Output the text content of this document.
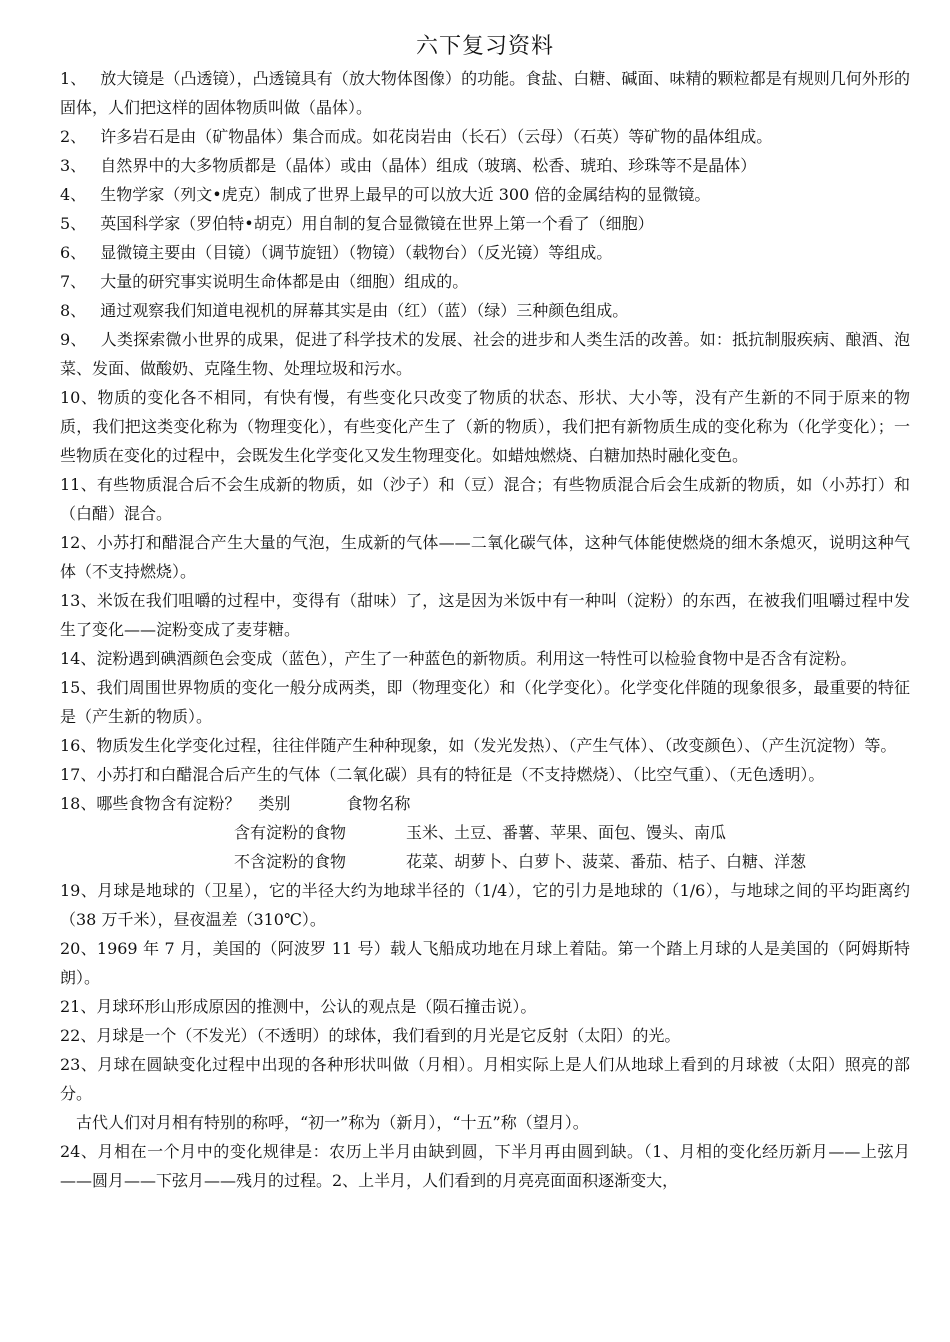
六下复习资料

1、 放大镜是（凸透镜），凸透镜具有（放大物体图像）的功能。食盐、白糖、碱面、味精的颗粒都是有规则几何外形的固体，人们把这样的固体物质叫做（晶体）。

2、 许多岩石是由（矿物晶体）集合而成。如花岗岩由（长石）（云母）（石英）等矿物的晶体组成。

3、 自然界中的大多物质都是（晶体）或由（晶体）组成（玻璃、松香、琥珀、珍珠等不是晶体）

4、 生物学家（列文•虎克）制成了世界上最早的可以放大近 300 倍的金属结构的显微镜。

5、 英国科学家（罗伯特•胡克）用自制的复合显微镜在世界上第一个看了（细胞）

6、 显微镜主要由（目镜）（调节旋钮）（物镜）（载物台）（反光镜）等组成。

7、 大量的研究事实说明生命体都是由（细胞）组成的。

8、 通过观察我们知道电视机的屏幕其实是由（红）（蓝）（绿）三种颜色组成。

9、 人类探索微小世界的成果，促进了科学技术的发展、社会的进步和人类生活的改善。如：抵抗制服疾病、酿酒、泡菜、发面、做酸奶、克隆生物、处理垃圾和污水。

10、物质的变化各不相同，有快有慢，有些变化只改变了物质的状态、形状、大小等，没有产生新的不同于原来的物质，我们把这类变化称为（物理变化），有些变化产生了（新的物质），我们把有新物质生成的变化称为（化学变化）；一些物质在变化的过程中，会既发生化学变化又发生物理变化。如蜡烛燃烧、白糖加热时融化变色。

11、有些物质混合后不会生成新的物质，如（沙子）和（豆）混合；有些物质混合后会生成新的物质，如（小苏打）和（白醋）混合。

12、小苏打和醋混合产生大量的气泡，生成新的气体——二氧化碳气体，这种气体能使燃烧的细木条熄灭，说明这种气体（不支持燃烧）。

13、米饭在我们咀嚼的过程中，变得有（甜味）了，这是因为米饭中有一种叫（淀粉）的东西，在被我们咀嚼过程中发生了变化——淀粉变成了麦芽糖。

14、淀粉遇到碘酒颜色会变成（蓝色），产生了一种蓝色的新物质。利用这一特性可以检验食物中是否含有淀粉。

15、我们周围世界物质的变化一般分成两类，即（物理变化）和（化学变化）。化学变化伴随的现象很多，最重要的特征是（产生新的物质）。

16、物质发生化学变化过程，往往伴随产生种种现象，如（发光发热）、（产生气体）、（改变颜色）、（产生沉淀物）等。

17、小苏打和白醋混合后产生的气体（二氧化碳）具有的特征是（不支持燃烧）、（比空气重）、（无色透明）。

18、哪些食物含有淀粉？ 类别	食物名称
含有淀粉的食物	玉米、土豆、番薯、苹果、面包、馒头、南瓜
不含淀粉的食物	花菜、胡萝卜、白萝卜、菠菜、番茄、桔子、白糖、洋葱

19、月球是地球的（卫星），它的半径大约为地球半径的（1/4），它的引力是地球的（1/6），与地球之间的平均距离约（38 万千米），昼夜温差（310℃）。

20、1969 年 7 月，美国的（阿波罗 11 号）载人飞船成功地在月球上着陆。第一个踏上月球的人是美国的（阿姆斯特朗）。

21、月球环形山形成原因的推测中，公认的观点是（陨石撞击说）。

22、月球是一个（不发光）（不透明）的球体，我们看到的月光是它反射（太阳）的光。

23、月球在圆缺变化过程中出现的各种形状叫做（月相）。月相实际上是人们从地球上看到的月球被（太阳）照亮的部分。

古代人们对月相有特别的称呼，“初一”称为（新月），“十五”称（望月）。

24、月相在一个月中的变化规律是：农历上半月由缺到圆，下半月再由圆到缺。（1、月相的变化经历新月——上弦月——圆月——下弦月——残月的过程。2、上半月，人们看到的月亮亮面面积逐渐变大，
